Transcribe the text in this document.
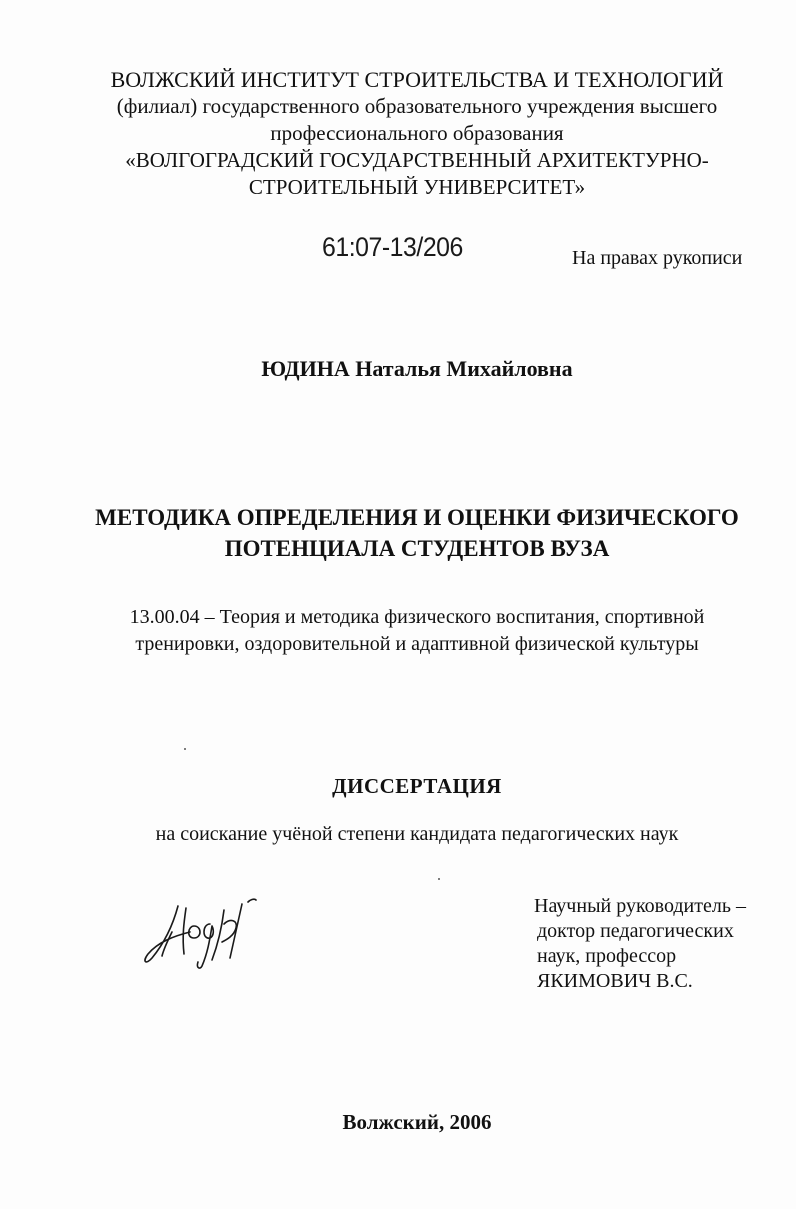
ВОЛЖСКИЙ ИНСТИТУТ СТРОИТЕЛЬСТВА И ТЕХНОЛОГИЙ
(филиал) государственного образовательного учреждения высшего
профессионального образования
«ВОЛГОГРАДСКИЙ ГОСУДАРСТВЕННЫЙ АРХИТЕКТУРНО-
СТРОИТЕЛЬНЫЙ УНИВЕРСИТЕТ»
61:07-13/206	На правах рукописи
ЮДИНА Наталья Михайловна
МЕТОДИКА ОПРЕДЕЛЕНИЯ И ОЦЕНКИ ФИЗИЧЕСКОГО
ПОТЕНЦИАЛА СТУДЕНТОВ ВУЗА
13.00.04 – Теория и методика физического воспитания, спортивной
тренировки, оздоровительной и адаптивной физической культуры
ДИССЕРТАЦИЯ
на соискание учёной степени кандидата педагогических наук
Научный руководитель –
доктор педагогических
наук, профессор
ЯКИМОВИЧ В.С.
Волжский, 2006
